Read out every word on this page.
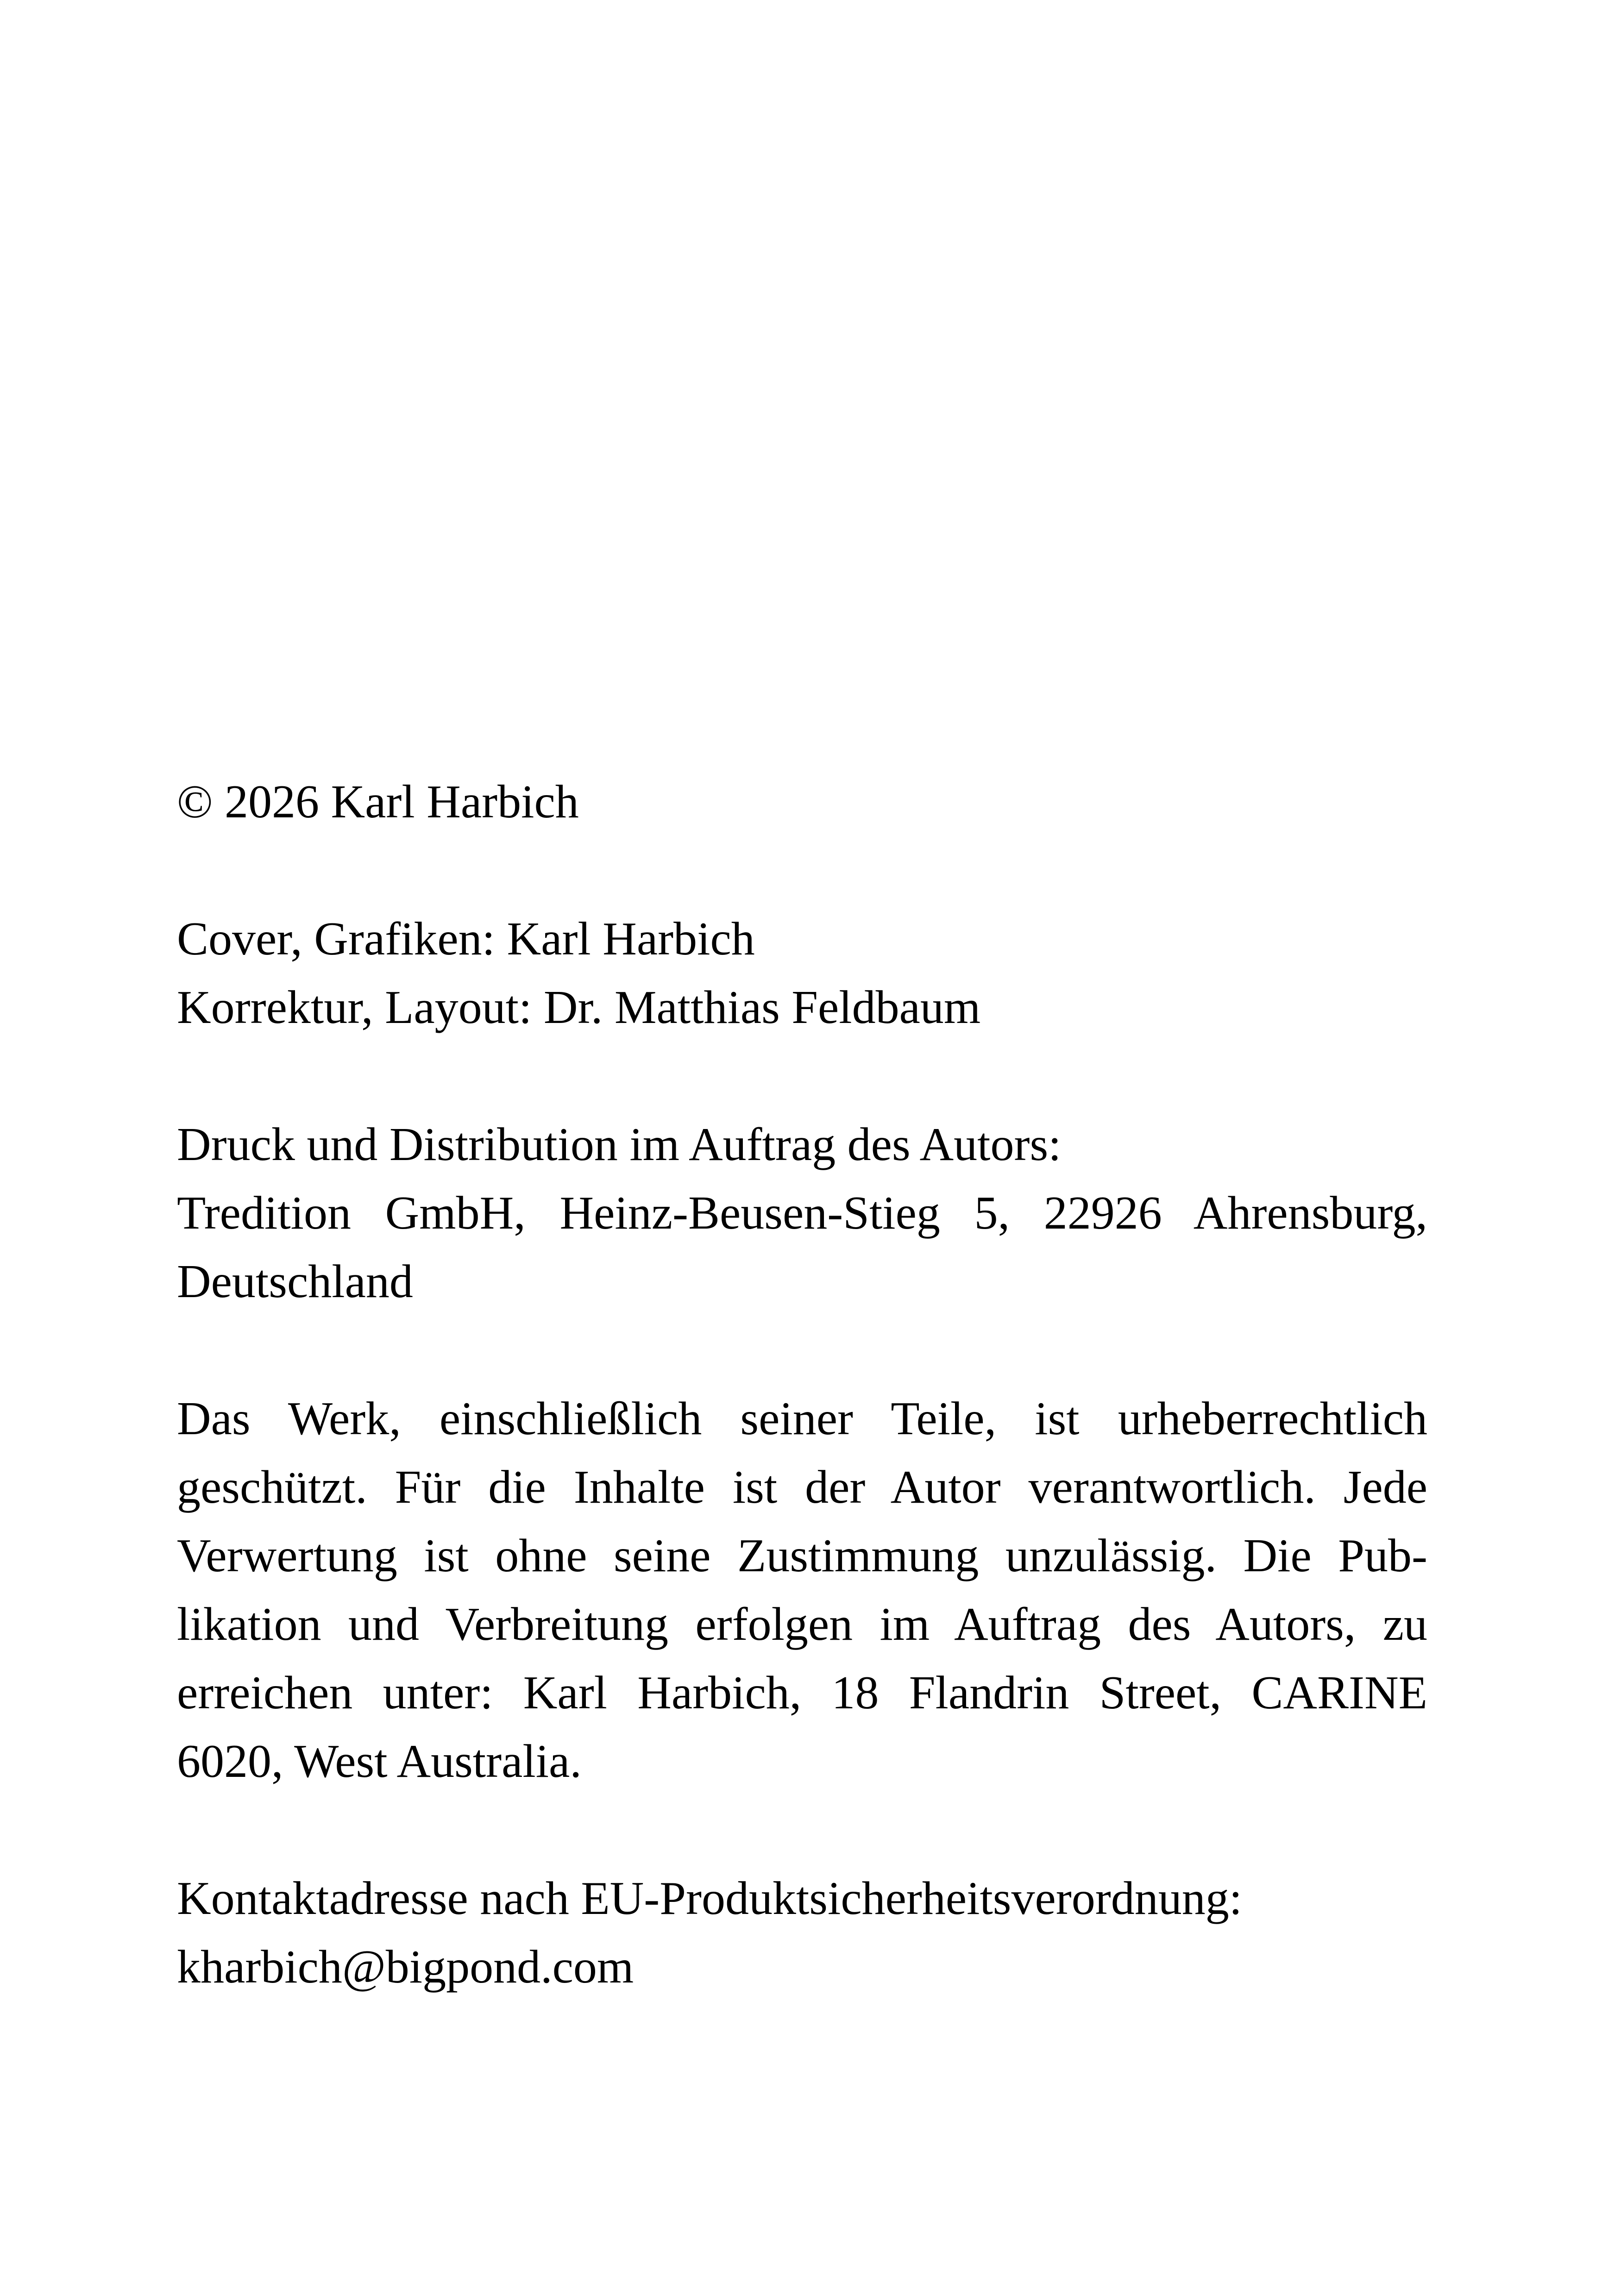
© 2026 Karl Harbich

Cover, Grafiken: Karl Harbich
Korrektur, Layout: Dr. Matthias Feldbaum

Druck und Distribution im Auftrag des Autors:
Tredition GmbH, Heinz-Beusen-Stieg 5, 22926 Ahrensburg,
Deutschland

Das Werk, einschließlich seiner Teile, ist urheberrechtlich
geschützt. Für die Inhalte ist der Autor verantwortlich. Jede
Verwertung ist ohne seine Zustimmung unzulässig. Die Pub-
likation und Verbreitung erfolgen im Auftrag des Autors, zu
erreichen unter: Karl Harbich, 18 Flandrin Street, CARINE
6020, West Australia.

Kontaktadresse nach EU-Produktsicherheitsverordnung:
kharbich@bigpond.com
